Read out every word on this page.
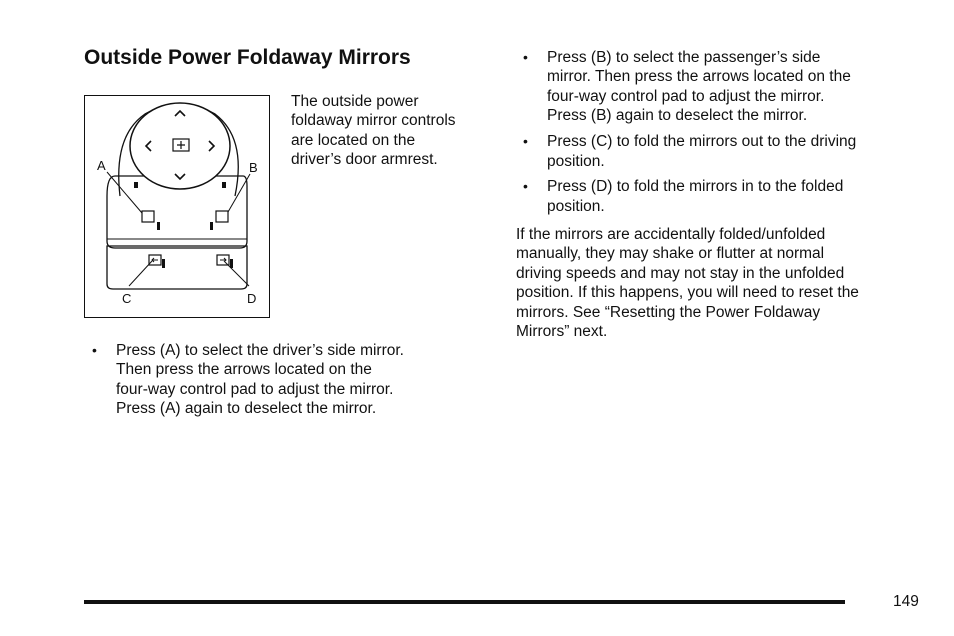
Outside Power Foldaway Mirrors
A	B
C	D

The outside power
foldaway mirror controls
are located on the
driver’s door armrest.

• Press (A) to select the driver’s side mirror.
Then press the arrows located on the
four-way control pad to adjust the mirror.
Press (A) again to deselect the mirror.
• Press (B) to select the passenger’s side
mirror. Then press the arrows located on the
four-way control pad to adjust the mirror.
Press (B) again to deselect the mirror.
• Press (C) to fold the mirrors out to the driving
position.
• Press (D) to fold the mirrors in to the folded
position.
If the mirrors are accidentally folded/unfolded
manually, they may shake or flutter at normal
driving speeds and may not stay in the unfolded
position. If this happens, you will need to reset the
mirrors. See “Resetting the Power Foldaway
Mirrors” next.
149
